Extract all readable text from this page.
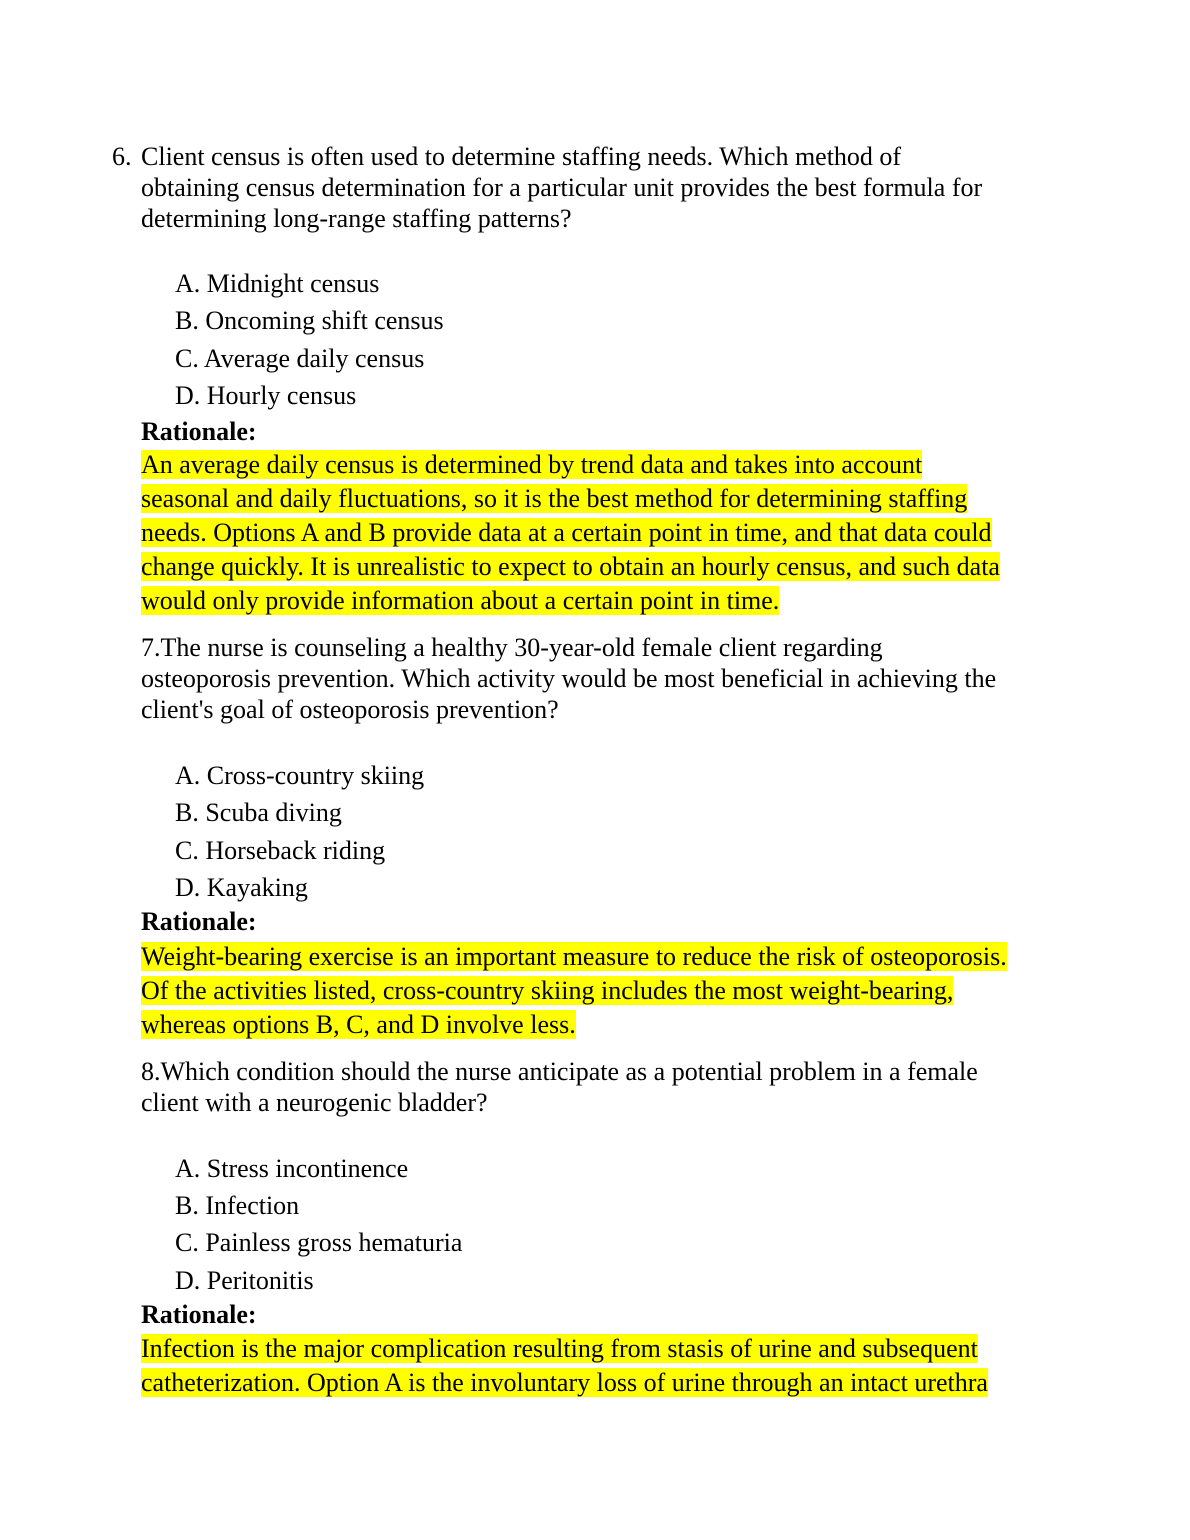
6. Client census is often used to determine staffing needs. Which method of
obtaining census determination for a particular unit provides the best formula for
determining long-range staffing patterns?
A. Midnight census
B. Oncoming shift census
C. Average daily census
D. Hourly census
Rationale:
An average daily census is determined by trend data and takes into account
seasonal and daily fluctuations, so it is the best method for determining staffing
needs. Options A and B provide data at a certain point in time, and that data could
change quickly. It is unrealistic to expect to obtain an hourly census, and such data
would only provide information about a certain point in time.
7.The nurse is counseling a healthy 30-year-old female client regarding
osteoporosis prevention. Which activity would be most beneficial in achieving the
client's goal of osteoporosis prevention?
A. Cross-country skiing
B. Scuba diving
C. Horseback riding
D. Kayaking
Rationale:
Weight-bearing exercise is an important measure to reduce the risk of osteoporosis.
Of the activities listed, cross-country skiing includes the most weight-bearing,
whereas options B, C, and D involve less.
8.Which condition should the nurse anticipate as a potential problem in a female
client with a neurogenic bladder?
A. Stress incontinence
B. Infection
C. Painless gross hematuria
D. Peritonitis
Rationale:
Infection is the major complication resulting from stasis of urine and subsequent
catheterization. Option A is the involuntary loss of urine through an intact urethra
